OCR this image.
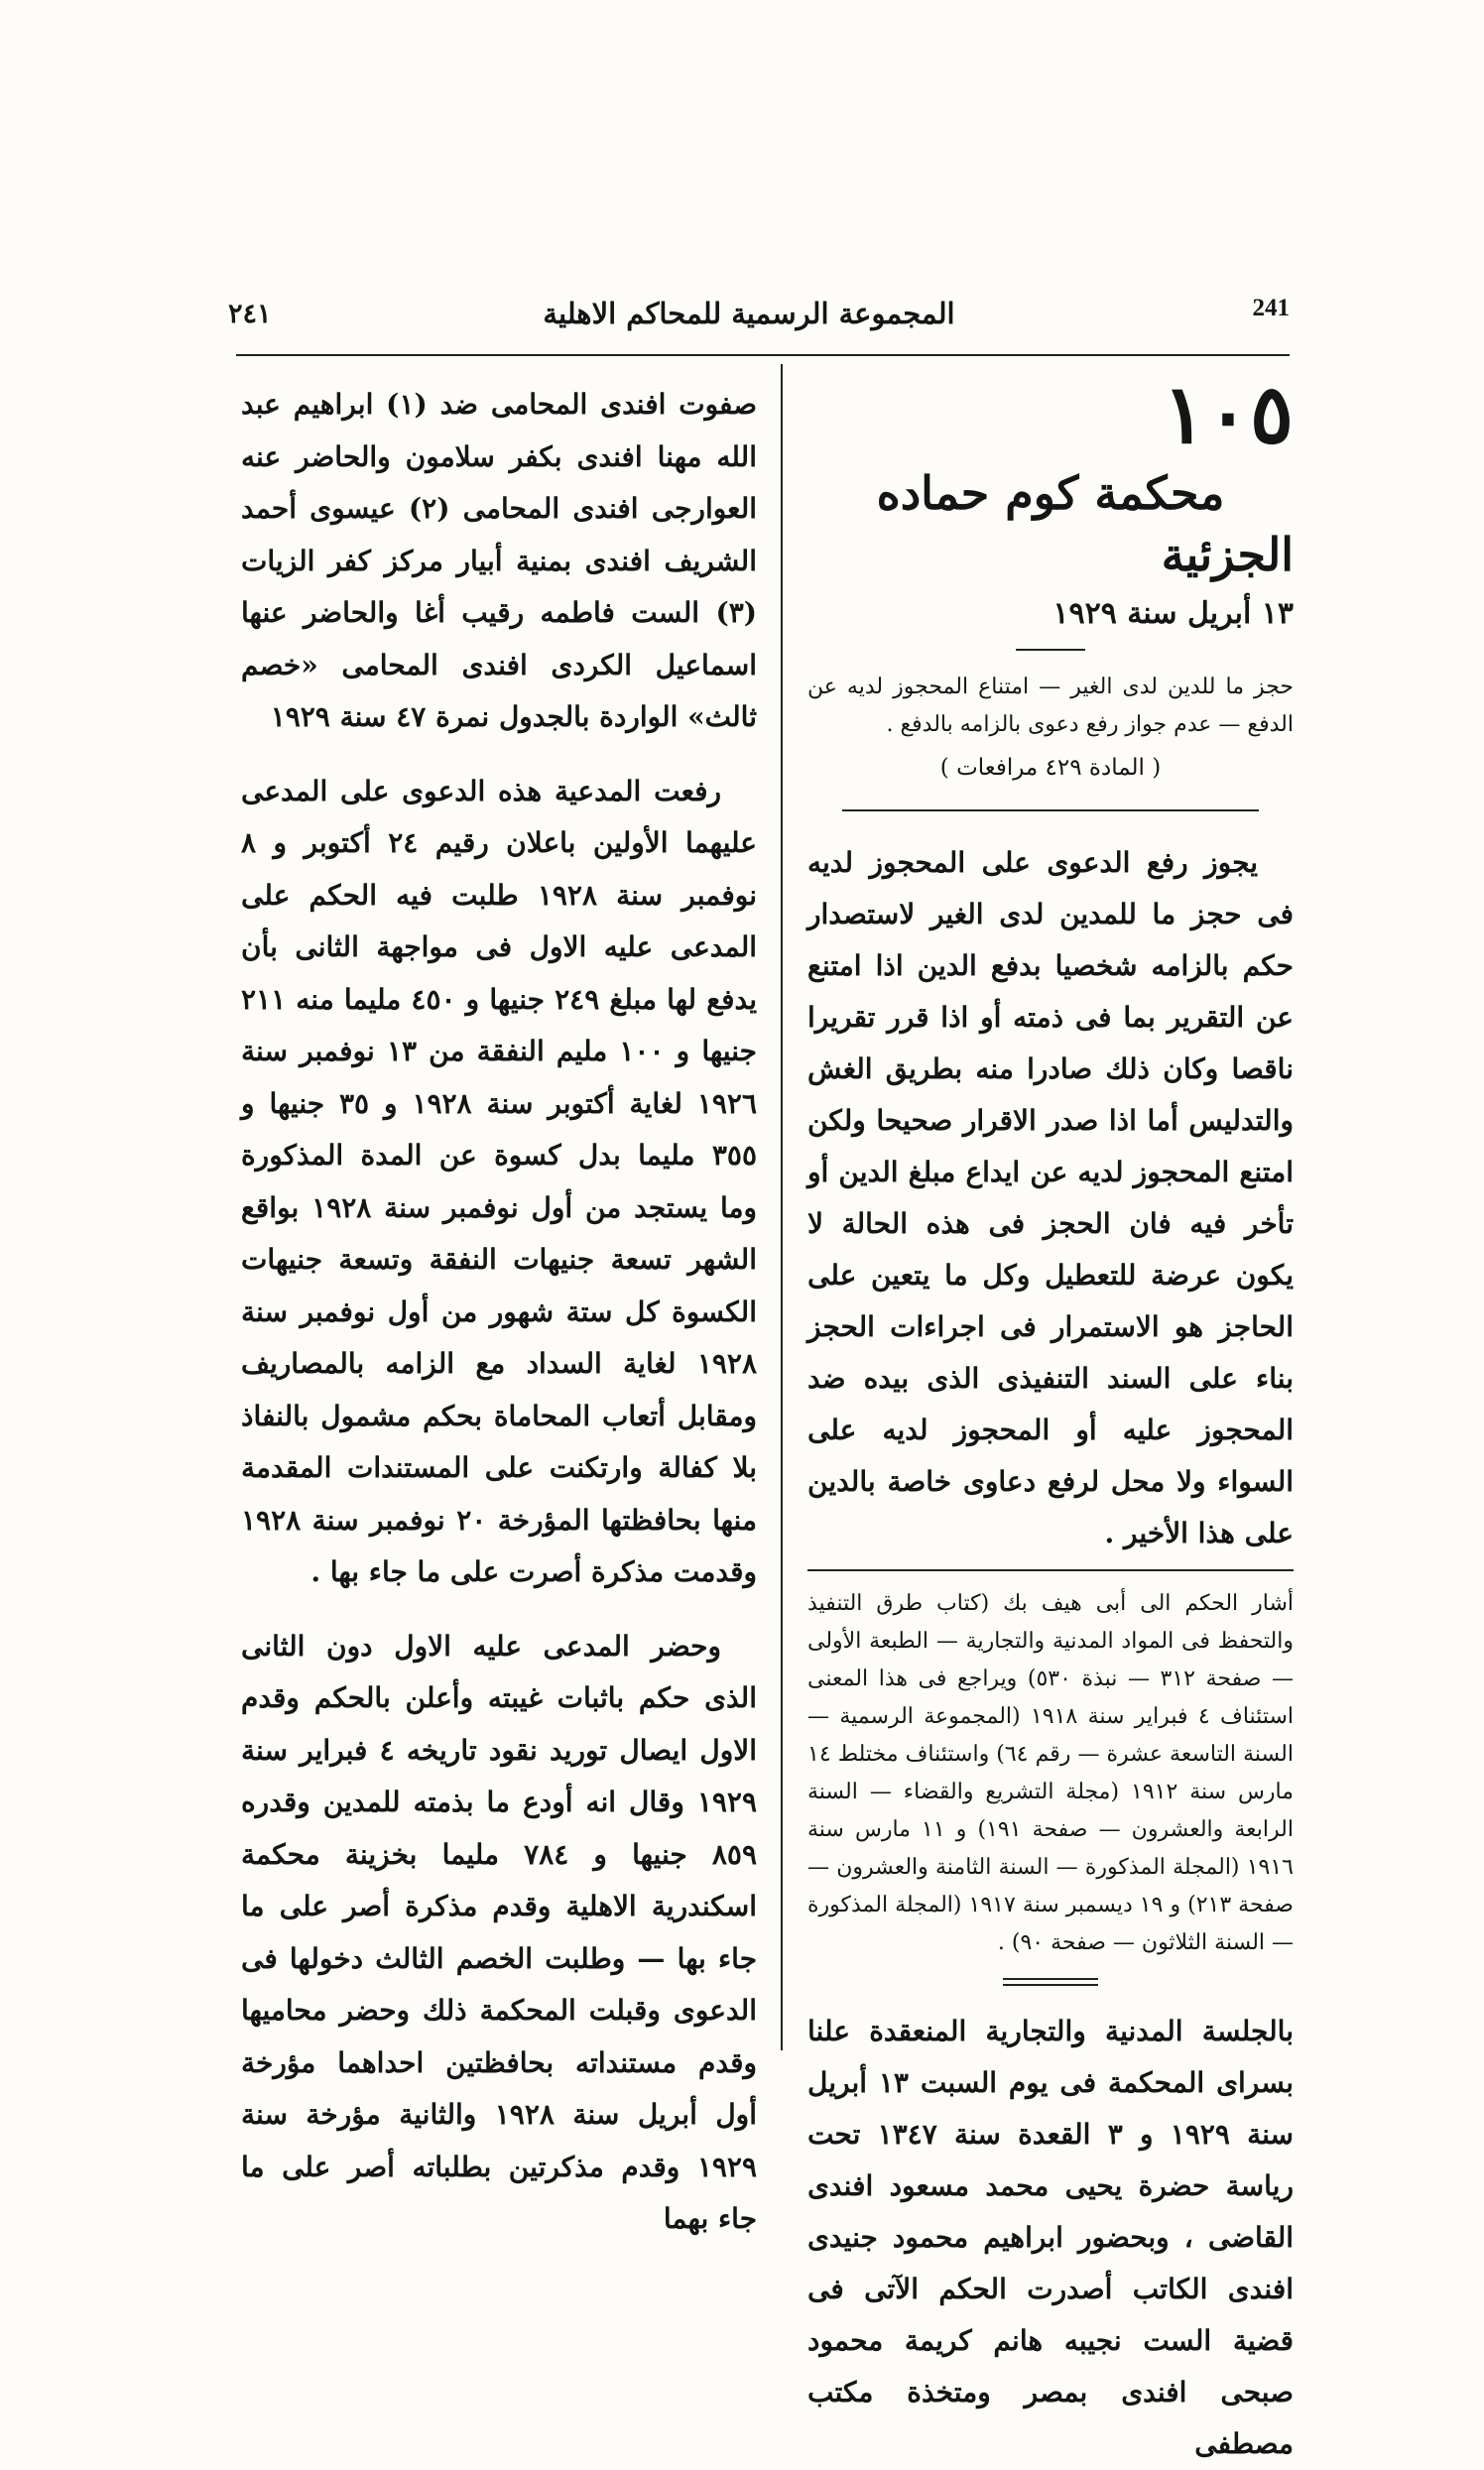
241
المجموعة الرسمية للمحاكم الاهلية
٢٤١
١٠٥
محكمة كوم حماده الجزئية
١٣ أبريل سنة ١٩٢٩
حجز ما للدين لدى الغير — امتناع المحجوز لديه عن الدفع — عدم جواز رفع دعوى بالزامه بالدفع .
( المادة ٤٢٩ مرافعات )
يجوز رفع الدعوى على المحجوز لديه فى حجز ما للمدين لدى الغير لاستصدار حكم بالزامه شخصيا بدفع الدين اذا امتنع عن التقرير بما فى ذمته أو اذا قرر تقريرا ناقصا وكان ذلك صادرا منه بطريق الغش والتدليس أما اذا صدر الاقرار صحيحا ولكن امتنع المحجوز لديه عن ايداع مبلغ الدين أو تأخر فيه فان الحجز فى هذه الحالة لا يكون عرضة للتعطيل وكل ما يتعين على الحاجز هو الاستمرار فى اجراءات الحجز بناء على السند التنفيذى الذى بيده ضد المحجوز عليه أو المحجوز لديه على السواء ولا محل لرفع دعاوى خاصة بالدين على هذا الأخير .
أشار الحكم الى أبى هيف بك (كتاب طرق التنفيذ والتحفظ فى المواد المدنية والتجارية — الطبعة الأولى — صفحة ٣١٢ — نبذة ٥٣٠) ويراجع فى هذا المعنى استئناف ٤ فبراير سنة ١٩١٨ (المجموعة الرسمية — السنة التاسعة عشرة — رقم ٦٤) واستئناف مختلط ١٤ مارس سنة ١٩١٢ (مجلة التشريع والقضاء — السنة الرابعة والعشرون — صفحة ١٩١) و ١١ مارس سنة ١٩١٦ (المجلة المذكورة — السنة الثامنة والعشرون — صفحة ٢١٣) و ١٩ ديسمبر سنة ١٩١٧ (المجلة المذكورة — السنة الثلاثون — صفحة ٩٠) .
بالجلسة المدنية والتجارية المنعقدة علنا بسراى المحكمة فى يوم السبت ١٣ أبريل سنة ١٩٢٩ و ٣ القعدة سنة ١٣٤٧ تحت رياسة حضرة يحيى محمد مسعود افندى القاضى ، وبحضور ابراهيم محمود جنيدى افندى الكاتب أصدرت الحكم الآتى فى قضية الست نجيبه هانم كريمة محمود صبحى افندى بمصر ومتخذة مكتب مصطفى

صفوت افندى المحامى ضد (١) ابراهيم عبد الله مهنا افندى بكفر سلامون والحاضر عنه العوارجى افندى المحامى (٢) عيسوى أحمد الشريف افندى بمنية أبيار مركز كفر الزيات (٣) الست فاطمه رقيب أغا والحاضر عنها اسماعيل الكردى افندى المحامى «خصم ثالث» الواردة بالجدول نمرة ٤٧ سنة ١٩٢٩

رفعت المدعية هذه الدعوى على المدعى عليهما الأولين باعلان رقيم ٢٤ أكتوبر و ٨ نوفمبر سنة ١٩٢٨ طلبت فيه الحكم على المدعى عليه الاول فى مواجهة الثانى بأن يدفع لها مبلغ ٢٤٩ جنيها و ٤٥٠ مليما منه ٢١١ جنيها و ١٠٠ مليم النفقة من ١٣ نوفمبر سنة ١٩٢٦ لغاية أكتوبر سنة ١٩٢٨ و ٣٥ جنيها و ٣٥٥ مليما بدل كسوة عن المدة المذكورة وما يستجد من أول نوفمبر سنة ١٩٢٨ بواقع الشهر تسعة جنيهات النفقة وتسعة جنيهات الكسوة كل ستة شهور من أول نوفمبر سنة ١٩٢٨ لغاية السداد مع الزامه بالمصاريف ومقابل أتعاب المحاماة بحكم مشمول بالنفاذ بلا كفالة وارتكنت على المستندات المقدمة منها بحافظتها المؤرخة ٢٠ نوفمبر سنة ١٩٢٨ وقدمت مذكرة أصرت على ما جاء بها .

وحضر المدعى عليه الاول دون الثانى الذى حكم باثبات غيبته وأعلن بالحكم وقدم الاول ايصال توريد نقود تاريخه ٤ فبراير سنة ١٩٢٩ وقال انه أودع ما بذمته للمدين وقدره ٨٥٩ جنيها و ٧٨٤ مليما بخزينة محكمة اسكندرية الاهلية وقدم مذكرة أصر على ما جاء بها — وطلبت الخصم الثالث دخولها فى الدعوى وقبلت المحكمة ذلك وحضر محاميها وقدم مستنداته بحافظتين احداهما مؤرخة أول أبريل سنة ١٩٢٨ والثانية مؤرخة سنة ١٩٢٩ وقدم مذكرتين بطلباته أصر على ما جاء بهما
